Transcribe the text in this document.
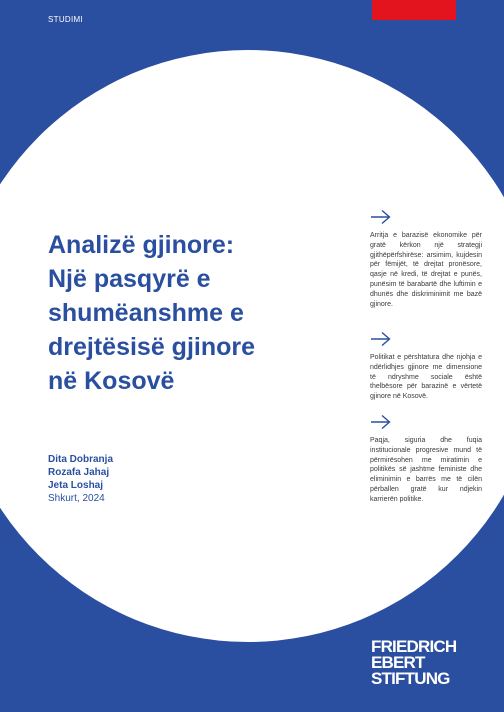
STUDIMI
Analizë gjinore:
Një pasqyrë e
shumëanshme e
drejtësisë gjinore
në Kosovë
Dita Dobranja
Rozafa Jahaj
Jeta Loshaj
Shkurt, 2024

Arritja e barazisë ekonomike për gratë kërkon një strategji gjithëpërfshirëse: arsimim, kujdesin për fëmijët, të drejtat pronësore, qasje në kredi, të drejtat e punës, punësim të barabartë dhe luftimin e dhunës dhe diskriminimit me bazë gjinore.

Politikat e përshtatura dhe njohja e ndërlidhjes gjinore me dimensione të ndryshme sociale është thelbësore për barazinë e vërtetë gjinore në Kosovë.

Paqja, siguria dhe fuqia institucionale progresive mund të përmirësohen me miratimin e politikës së jashtme feministe dhe eliminimin e barrës me të cilën përballen gratë kur ndjekin karrierën politike.

FRIEDRICH
EBERT
STIFTUNG
